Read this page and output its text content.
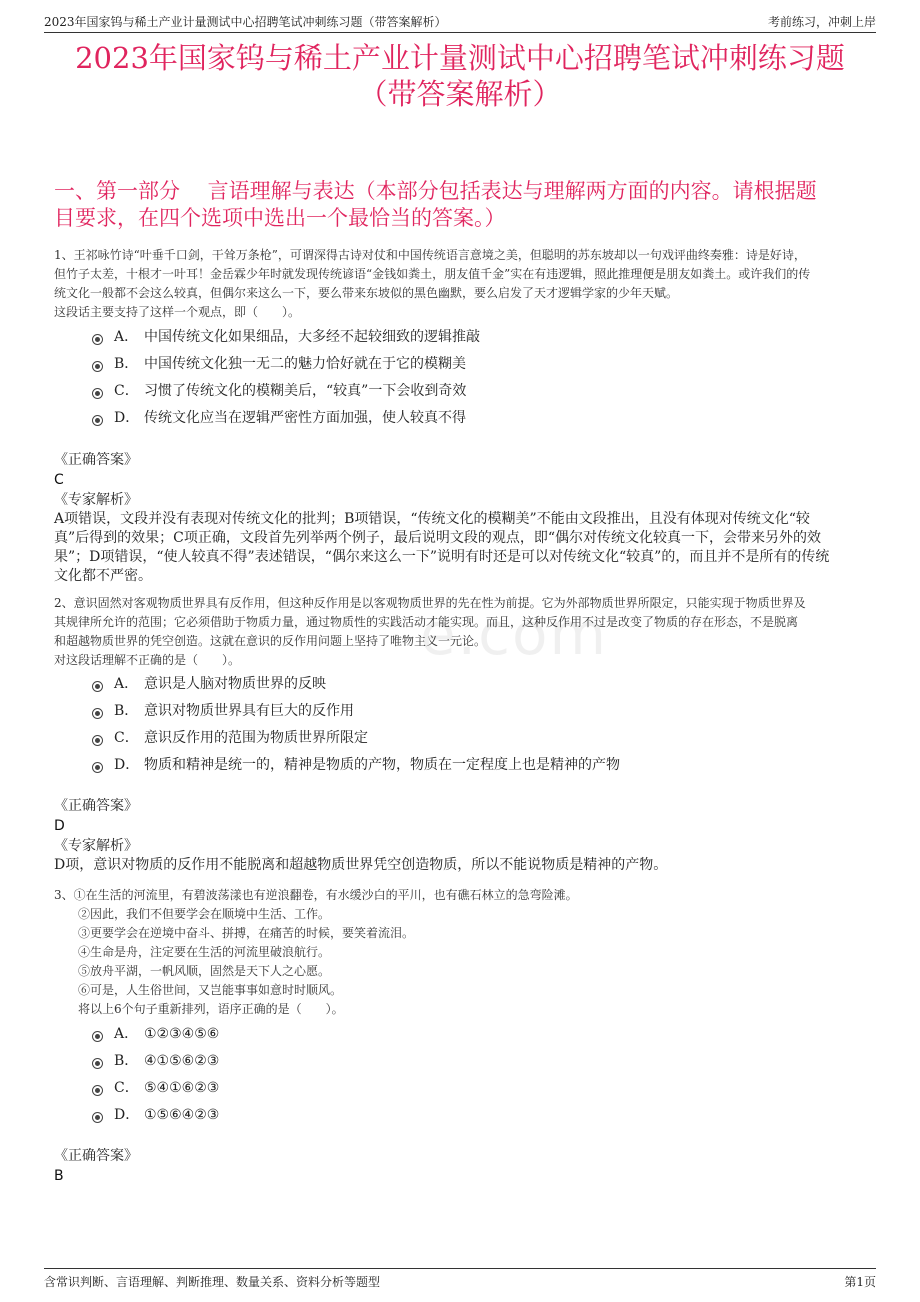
2023年国家钨与稀土产业计量测试中心招聘笔试冲刺练习题（带答案解析）	考前练习，冲刺上岸
2023年国家钨与稀土产业计量测试中心招聘笔试冲刺练习题
（带答案解析）
一、第一部分　 言语理解与表达（本部分包括表达与理解两方面的内容。请根据题
目要求，在四个选项中选出一个最恰当的答案。）
e.com

1、王祁咏竹诗“叶垂千口剑，干耸万条枪”，可谓深得古诗对仗和中国传统语言意境之美，但聪明的苏东坡却以一句戏评曲终奏雅：诗是好诗，

但竹子太差，十根才一叶耳！金岳霖少年时就发现传统谚语“金钱如粪土，朋友值千金”实在有违逻辑，照此推理便是朋友如粪土。或许我们的传

统文化一般都不会这么较真，但偶尔来这么一下，要么带来东坡似的黑色幽默，要么启发了天才逻辑学家的少年天赋。

这段话主要支持了这样一个观点，即（　　）。

A． 中国传统文化如果细品，大多经不起较细致的逻辑推敲
B． 中国传统文化独一无二的魅力恰好就在于它的模糊美
C． 习惯了传统文化的模糊美后，“较真”一下会收到奇效
D． 传统文化应当在逻辑严密性方面加强，使人较真不得
《正确答案》
C
《专家解析》
A项错误，文段并没有表现对传统文化的批判；B项错误，“传统文化的模糊美”不能由文段推出，且没有体现对传统文化“较
真”后得到的效果；C项正确，文段首先列举两个例子，最后说明文段的观点，即“偶尔对传统文化较真一下，会带来另外的效
果”；D项错误，“使人较真不得”表述错误，“偶尔来这么一下”说明有时还是可以对传统文化“较真”的，而且并不是所有的传统
文化都不严密。

2、意识固然对客观物质世界具有反作用，但这种反作用是以客观物质世界的先在性为前提。它为外部物质世界所限定，只能实现于物质世界及

其规律所允许的范围；它必须借助于物质力量，通过物质性的实践活动才能实现。而且，这种反作用不过是改变了物质的存在形态，不是脱离

和超越物质世界的凭空创造。这就在意识的反作用问题上坚持了唯物主义一元论。

对这段话理解不正确的是（　　）。

A． 意识是人脑对物质世界的反映
B． 意识对物质世界具有巨大的反作用
C． 意识反作用的范围为物质世界所限定
D． 物质和精神是统一的，精神是物质的产物，物质在一定程度上也是精神的产物
《正确答案》
D
《专家解析》
D项，意识对物质的反作用不能脱离和超越物质世界凭空创造物质，所以不能说物质是精神的产物。

3、①在生活的河流里，有碧波荡漾也有逆浪翻卷，有水缓沙白的平川，也有礁石林立的急弯险滩。

②因此，我们不但要学会在顺境中生活、工作。

③更要学会在逆境中奋斗、拼搏，在痛苦的时候，要笑着流泪。

④生命是舟，注定要在生活的河流里破浪航行。

⑤放舟平湖，一帆风顺，固然是天下人之心愿。

⑥可是，人生俗世间，又岂能事事如意时时顺风。

将以上6个句子重新排列，语序正确的是（　　）。

A． ①②③④⑤⑥
B． ④①⑤⑥②③
C． ⑤④①⑥②③
D． ①⑤⑥④②③
《正确答案》
B
含常识判断、言语理解、判断推理、数量关系、资料分析等题型	第1页
